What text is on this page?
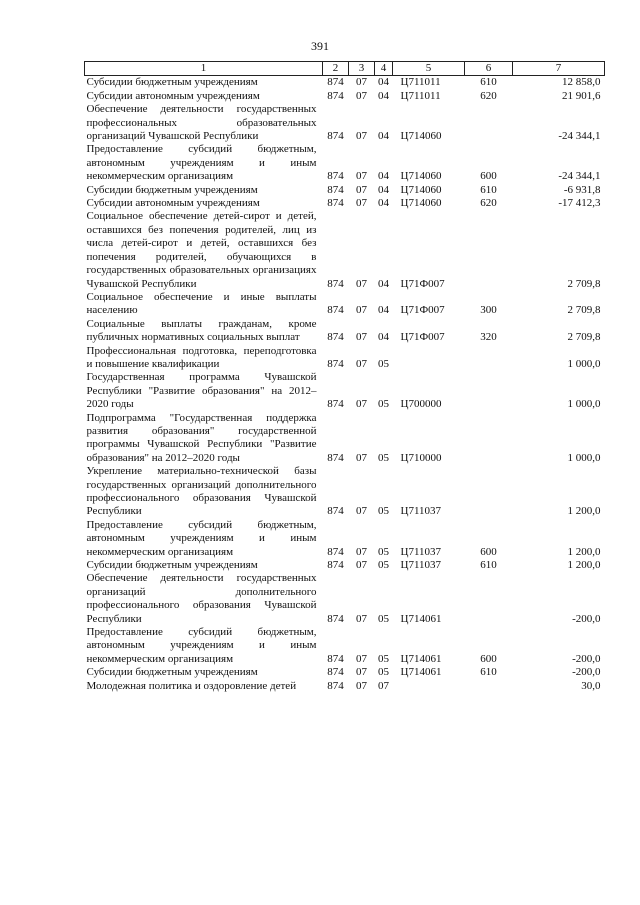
391
1	2	3	4	5	6	7
Субсидии бюджетным учреждениям	874	07	04	Ц711011	610	12 858,0
Субсидии автономным учреждениям	874	07	04	Ц711011	620	21 901,6
Обеспечение деятельности государственных профессиональных образовательных организаций Чувашской Республики	874	07	04	Ц714060		-24 344,1
Предоставление субсидий бюджетным, автономным учреждениям и иным некоммерческим организациям	874	07	04	Ц714060	600	-24 344,1
Субсидии бюджетным учреждениям	874	07	04	Ц714060	610	-6 931,8
Субсидии автономным учреждениям	874	07	04	Ц714060	620	-17 412,3
Социальное обеспечение детей-сирот и детей, оставшихся без попечения родителей, лиц из числа детей-сирот и детей, оставшихся без попечения родителей, обучающихся в государственных образовательных организациях Чувашской Республики	874	07	04	Ц71Ф007		2 709,8
Социальное обеспечение и иные выплаты населению	874	07	04	Ц71Ф007	300	2 709,8
Социальные выплаты гражданам, кроме публичных нормативных социальных выплат	874	07	04	Ц71Ф007	320	2 709,8
Профессиональная подготовка, переподготовка и повышение квалификации	874	07	05			1 000,0
Государственная программа Чувашской Республики "Развитие образования" на 2012–2020 годы	874	07	05	Ц700000		1 000,0
Подпрограмма "Государственная поддержка развития образования" государственной программы Чувашской Республики "Развитие образования" на 2012–2020 годы	874	07	05	Ц710000		1 000,0
Укрепление материально-технической базы государственных организаций дополнительного профессионального образования Чувашской Республики	874	07	05	Ц711037		1 200,0
Предоставление субсидий бюджетным, автономным учреждениям и иным некоммерческим организациям	874	07	05	Ц711037	600	1 200,0
Субсидии бюджетным учреждениям	874	07	05	Ц711037	610	1 200,0
Обеспечение деятельности государственных организаций дополнительного профессионального образования Чувашской Республики	874	07	05	Ц714061		-200,0
Предоставление субсидий бюджетным, автономным учреждениям и иным некоммерческим организациям	874	07	05	Ц714061	600	-200,0
Субсидии бюджетным учреждениям	874	07	05	Ц714061	610	-200,0
Молодежная политика и оздоровление детей	874	07	07			30,0
